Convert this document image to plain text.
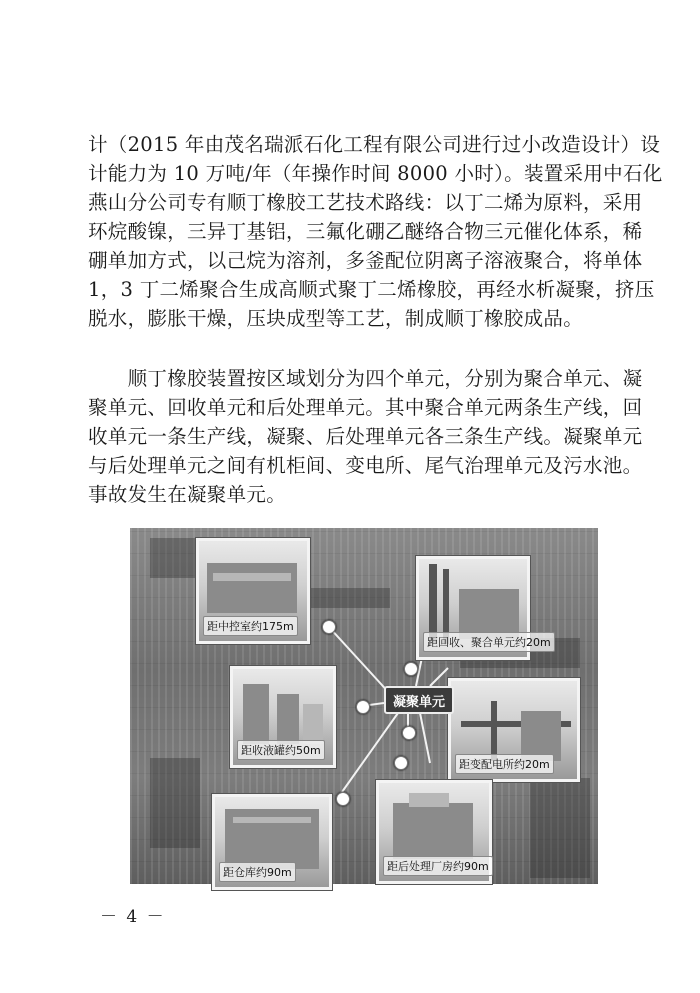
计（2015 年由茂名瑞派石化工程有限公司进行过小改造设计）设
计能力为 10 万吨/年（年操作时间 8000 小时）。装置采用中石化
燕山分公司专有顺丁橡胶工艺技术路线：以丁二烯为原料，采用
环烷酸镍，三异丁基铝，三氟化硼乙醚络合物三元催化体系，稀
硼单加方式，以己烷为溶剂，多釜配位阴离子溶液聚合，将单体
1，3 丁二烯聚合生成高顺式聚丁二烯橡胶，再经水析凝聚，挤压
脱水，膨胀干燥，压块成型等工艺，制成顺丁橡胶成品。
　　顺丁橡胶装置按区域划分为四个单元，分别为聚合单元、凝
聚单元、回收单元和后处理单元。其中聚合单元两条生产线，回
收单元一条生产线，凝聚、后处理单元各三条生产线。凝聚单元
与后处理单元之间有机柜间、变电所、尾气治理单元及污水池。
事故发生在凝聚单元。
距中控室约175m
距回收、聚合单元约20m
距收液罐约50m
距变配电所约20m
距仓库约90m	距后处理厂房约90m
凝聚单元
－ 4 －
